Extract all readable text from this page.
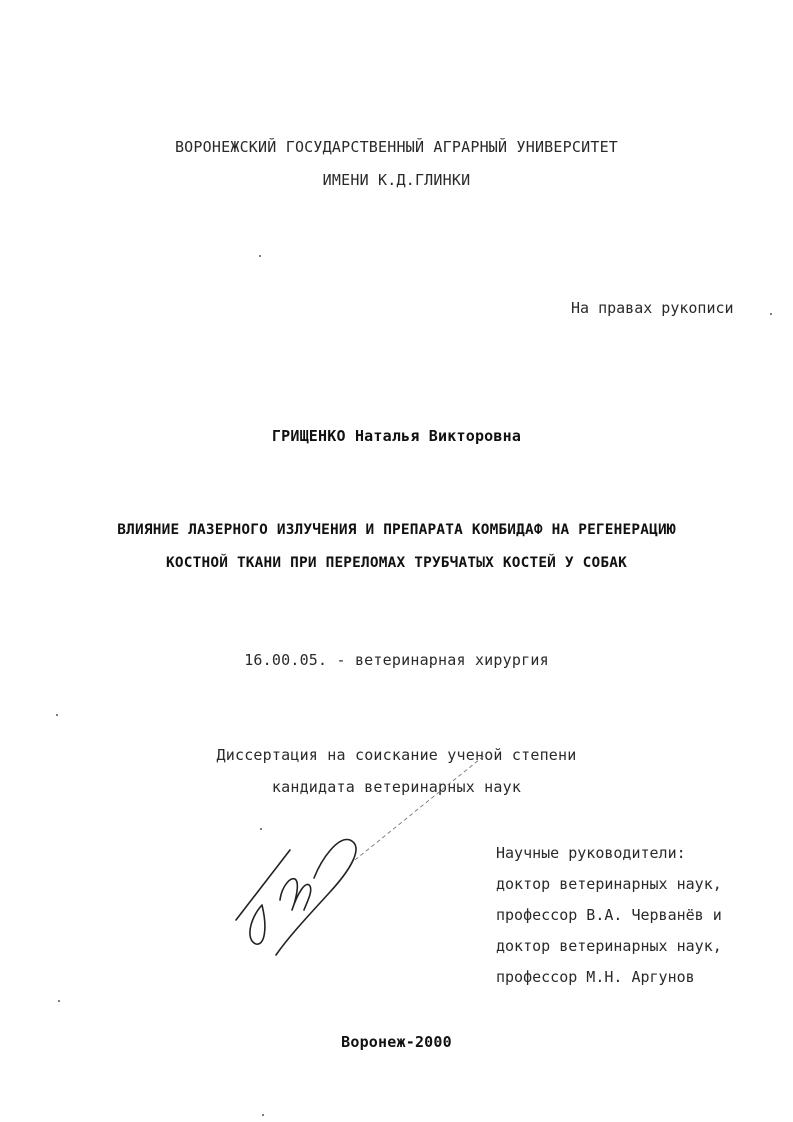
ВОРОНЕЖСКИЙ ГОСУДАРСТВЕННЫЙ АГРАРНЫЙ УНИВЕРСИТЕТ
ИМЕНИ К.Д.ГЛИНКИ
На правах рукописи
ГРИЩЕНКО Наталья Викторовна
ВЛИЯНИЕ ЛАЗЕРНОГО ИЗЛУЧЕНИЯ И ПРЕПАРАТА КОМБИДАФ НА РЕГЕНЕРАЦИЮ
КОСТНОЙ ТКАНИ ПРИ ПЕРЕЛОМАХ ТРУБЧАТЫХ КОСТЕЙ У СОБАК
16.00.05. - ветеринарная хирургия
Диссертация на соискание ученой степени
кандидата ветеринарных наук
Научные руководители:
доктор ветеринарных наук,
профессор В.А. Черванёв и
доктор ветеринарных наук,
профессор М.Н. Аргунов
Воронеж-2000
